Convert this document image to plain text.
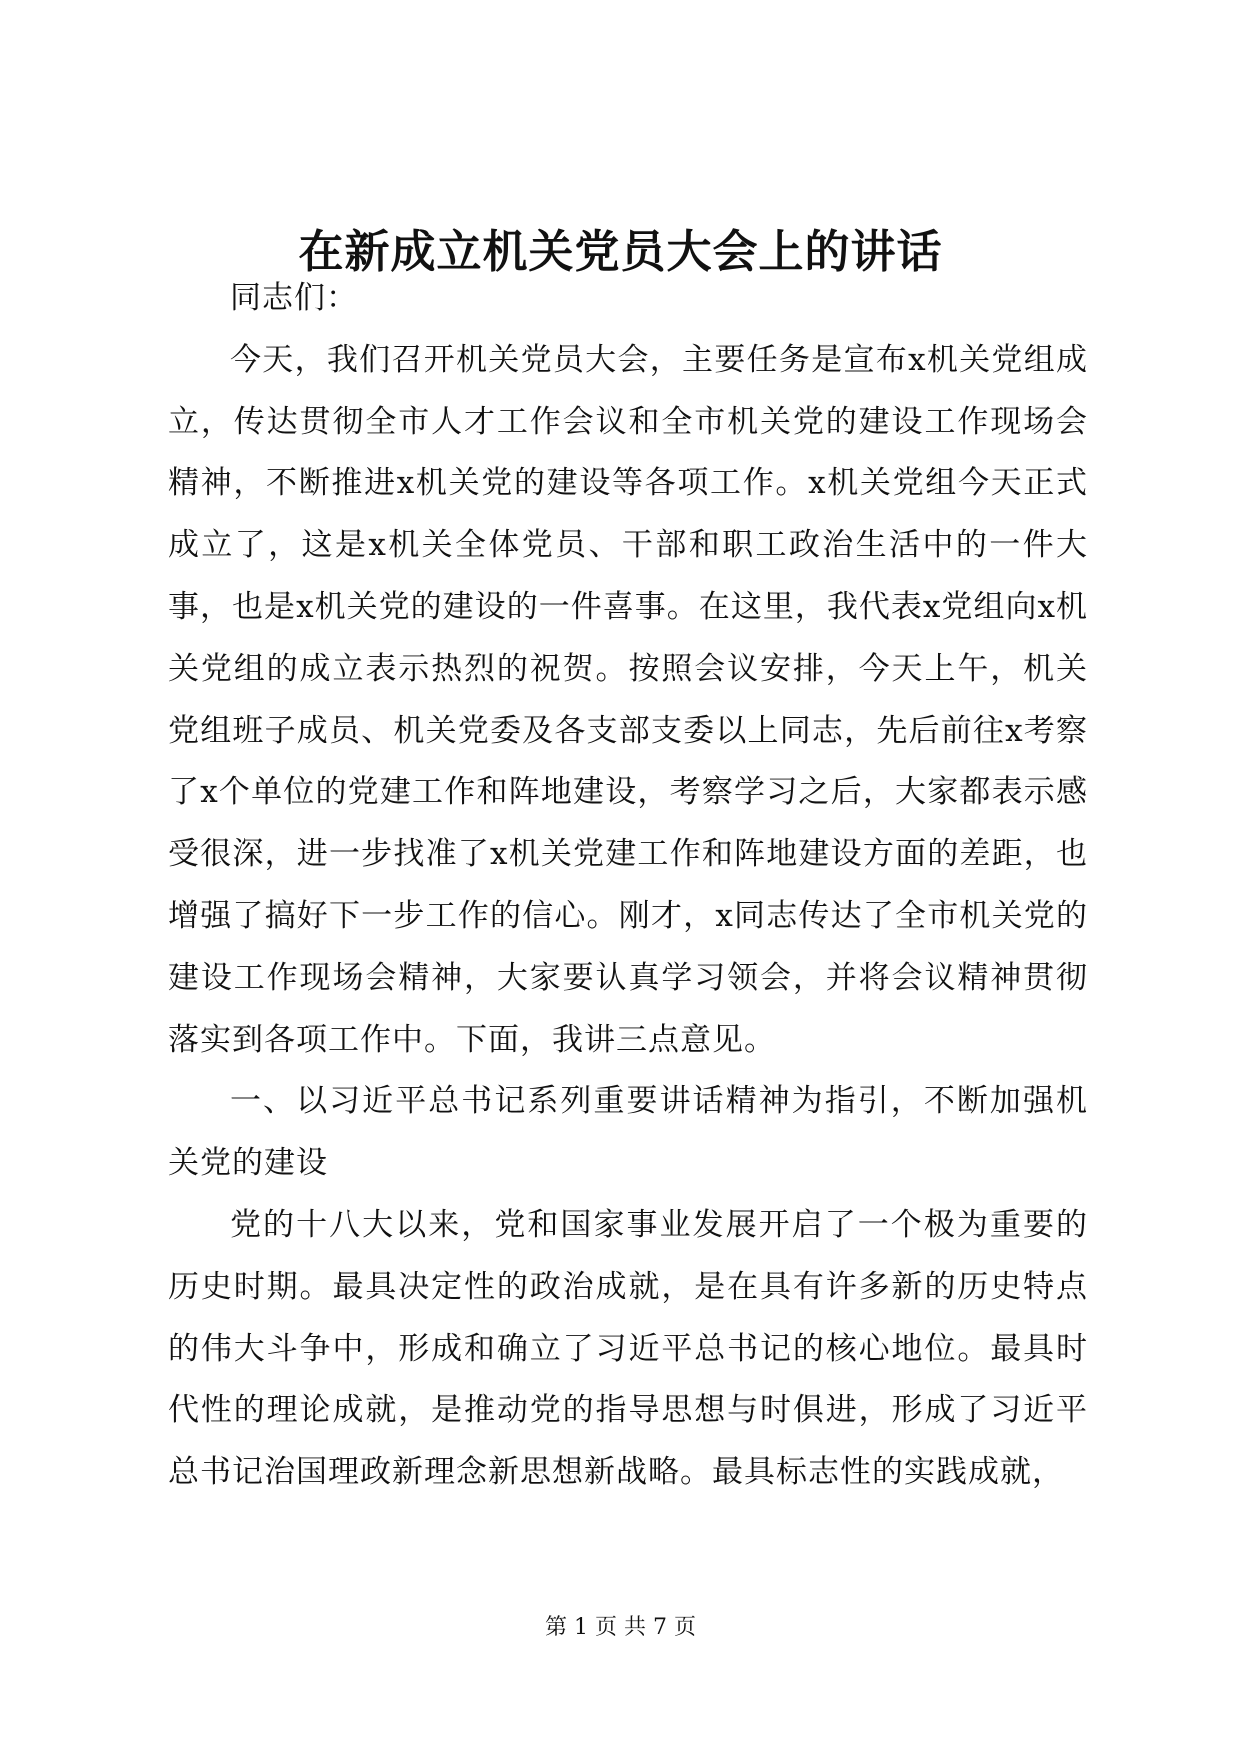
在新成立机关党员大会上的讲话

同志们：

今天，我们召开机关党员大会，主要任务是宣布x机关党组成立，传达贯彻全市人才工作会议和全市机关党的建设工作现场会精神，不断推进x机关党的建设等各项工作。x机关党组今天正式成立了，这是x机关全体党员、干部和职工政治生活中的一件大事，也是x机关党的建设的一件喜事。在这里，我代表x党组向x机关党组的成立表示热烈的祝贺。按照会议安排，今天上午，机关党组班子成员、机关党委及各支部支委以上同志，先后前往x考察了x个单位的党建工作和阵地建设，考察学习之后，大家都表示感受很深，进一步找准了x机关党建工作和阵地建设方面的差距，也增强了搞好下一步工作的信心。刚才，x同志传达了全市机关党的建设工作现场会精神，大家要认真学习领会，并将会议精神贯彻落实到各项工作中。下面，我讲三点意见。

一、以习近平总书记系列重要讲话精神为指引，不断加强机关党的建设

党的十八大以来，党和国家事业发展开启了一个极为重要的历史时期。最具决定性的政治成就，是在具有许多新的历史特点的伟大斗争中，形成和确立了习近平总书记的核心地位。最具时代性的理论成就，是推动党的指导思想与时俱进，形成了习近平总书记治国理政新理念新思想新战略。最具标志性的实践成就，

第 1 页 共 7 页
